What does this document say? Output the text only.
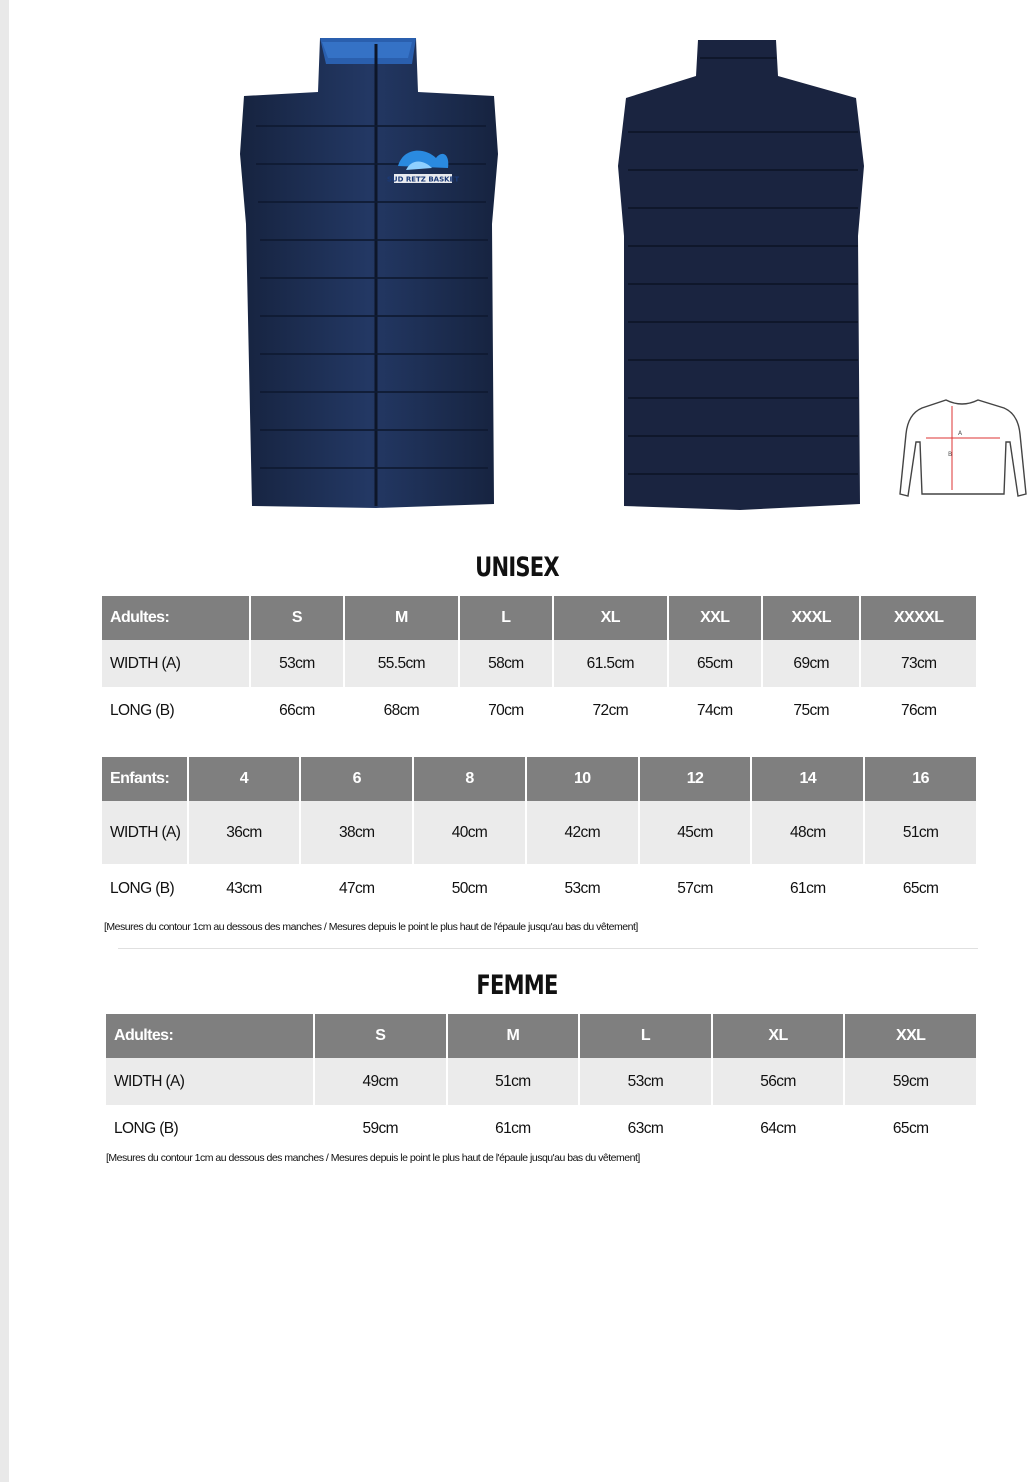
SUD RETZ BASKET
A
B
UNISEX
Adultes:	S	M	L	XL	XXL	XXXL	XXXXL
WIDTH (A)	53cm	55.5cm	58cm	61.5cm	65cm	69cm	73cm
LONG (B)	66cm	68cm	70cm	72cm	74cm	75cm	76cm
Enfants:	4	6	8	10	12	14	16
WIDTH (A)	36cm	38cm	40cm	42cm	45cm	48cm	51cm
LONG (B)	43cm	47cm	50cm	53cm	57cm	61cm	65cm
[Mesures du contour 1cm au dessous des manches / Mesures depuis le point le plus haut de l'épaule jusqu'au bas du vêtement]
FEMME
Adultes:	S	M	L	XL	XXL
WIDTH (A)	49cm	51cm	53cm	56cm	59cm
LONG (B)	59cm	61cm	63cm	64cm	65cm
[Mesures du contour 1cm au dessous des manches / Mesures depuis le point le plus haut de l'épaule jusqu'au bas du vêtement]
